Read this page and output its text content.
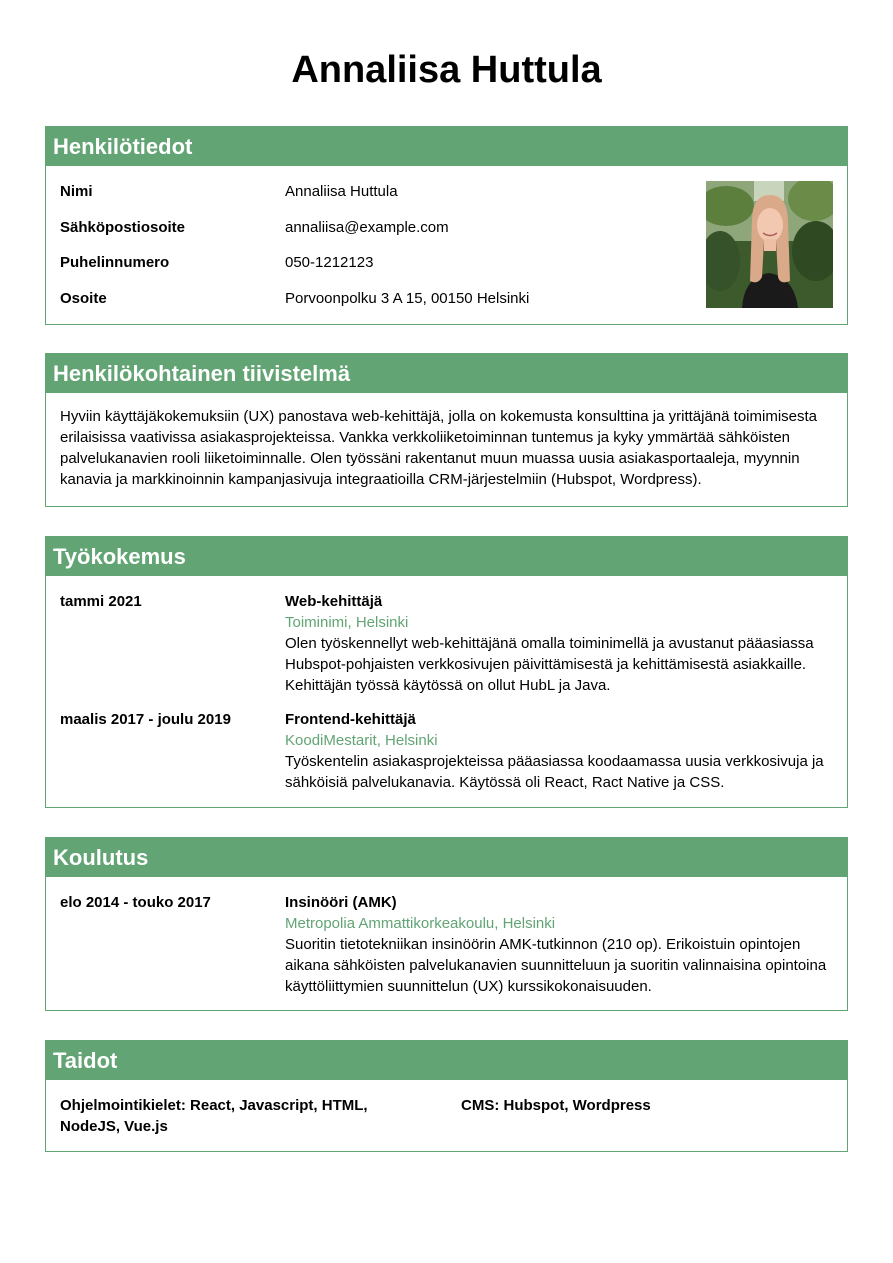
Annaliisa Huttula
Henkilötiedot
Nimi	Annaliisa Huttula
Sähköpostiosoite	annaliisa@example.com
Puhelinnumero	050-1212123
Osoite	Porvoonpolku 3 A 15, 00150 Helsinki
Henkilökohtainen tiivistelmä
Hyviin käyttäjäkokemuksiin (UX) panostava web-kehittäjä, jolla on kokemusta konsulttina ja yrittäjänä toimimisesta erilaisissa vaativissa asiakasprojekteissa. Vankka verkkoliiketoiminnan tuntemus ja kyky ymmärtää sähköisten palvelukanavien rooli liiketoiminnalle. Olen työssäni rakentanut muun muassa uusia asiakasportaaleja, myynnin kanavia ja markkinoinnin kampanjasivuja integraatioilla CRM-järjestelmiin (Hubspot, Wordpress).
Työkokemus
tammi 2021	Web-kehittäjä
Toiminimi, Helsinki
Olen työskennellyt web-kehittäjänä omalla toiminimellä ja avustanut pääasiassa Hubspot-pohjaisten verkkosivujen päivittämisestä ja kehittämisestä asiakkaille. Kehittäjän työssä käytössä on ollut HubL ja Java.
maalis 2017 - joulu 2019	Frontend-kehittäjä
KoodiMestarit, Helsinki
Työskentelin asiakasprojekteissa pääasiassa koodaamassa uusia verkkosivuja ja sähköisiä palvelukanavia. Käytössä oli React, Ract Native ja CSS.
Koulutus
elo 2014 - touko 2017	Insinööri (AMK)
Metropolia Ammattikorkeakoulu, Helsinki
Suoritin tietotekniikan insinöörin AMK-tutkinnon (210 op). Erikoistuin opintojen aikana sähköisten palvelukanavien suunnitteluun ja suoritin valinnaisina opintoina käyttöliittymien suunnittelun (UX) kurssikokonaisuuden.
Taidot
Ohjelmointikielet: React, Javascript, HTML, NodeJS, Vue.js
CMS: Hubspot, Wordpress
